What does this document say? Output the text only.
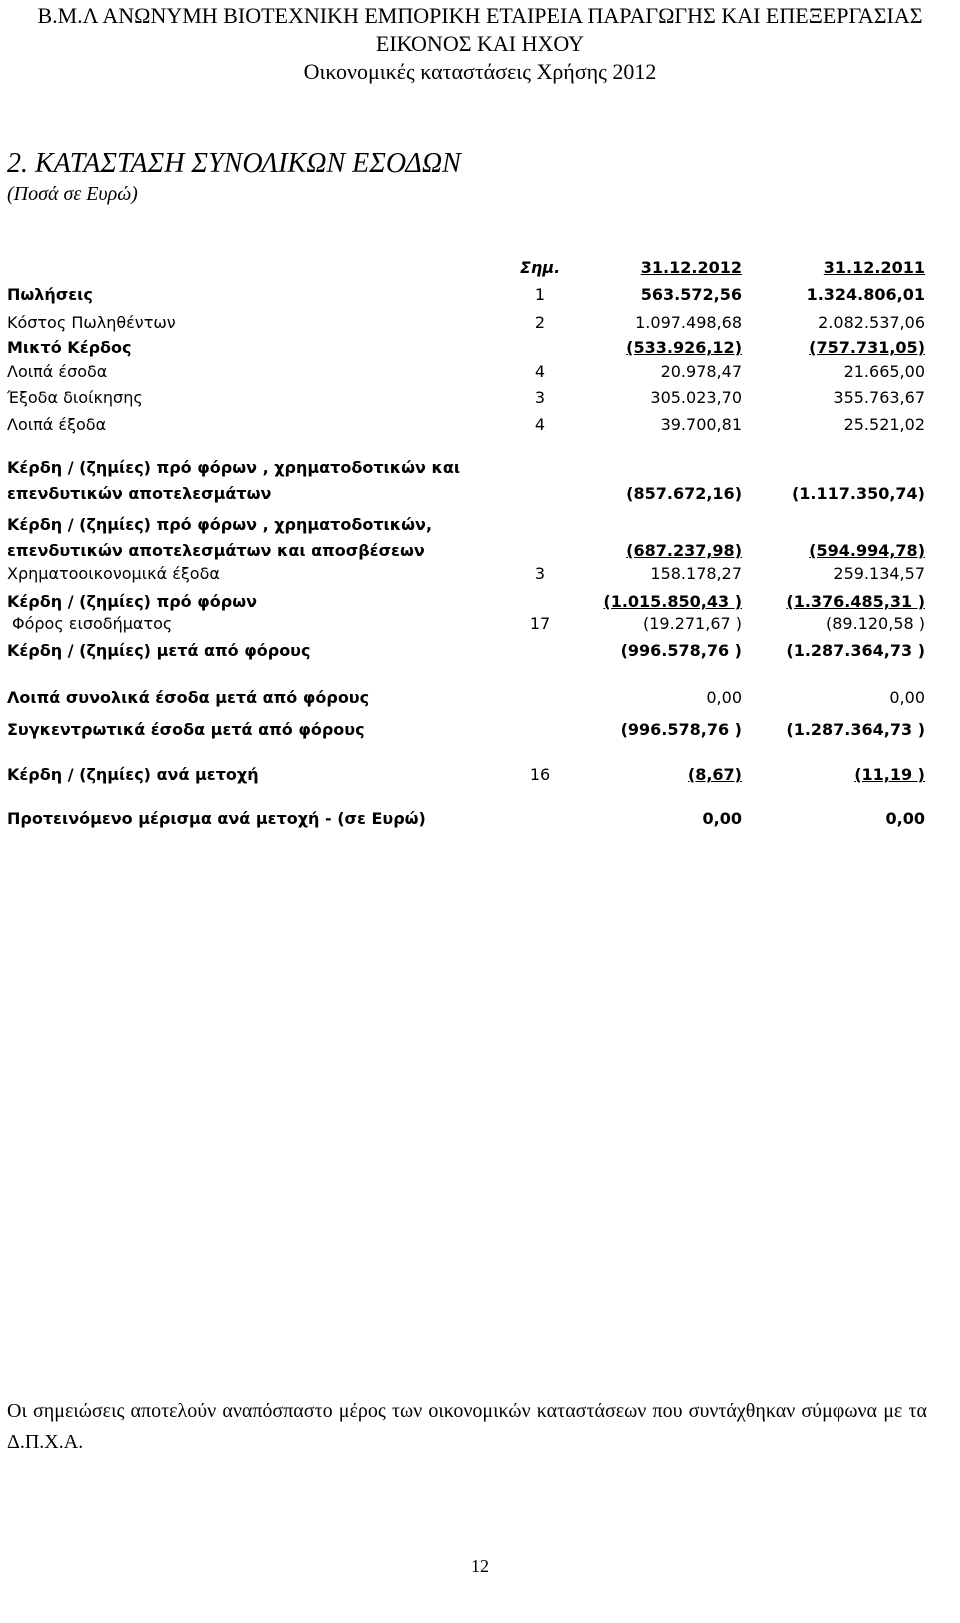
Β.Μ.Λ ΑΝΩΝΥΜΗ ΒΙΟΤΕΧΝΙΚΗ ΕΜΠΟΡΙΚΗ ΕΤΑΙΡΕΙΑ ΠΑΡΑΓΩΓΗΣ ΚΑΙ ΕΠΕΞΕΡΓΑΣΙΑΣ
ΕΙΚΟΝΟΣ ΚΑΙ ΗΧΟΥ
Οικονομικές καταστάσεις Χρήσης 2012
2. ΚΑΤΑΣΤΑΣΗ ΣΥΝΟΛΙΚΩΝ ΕΣΟΔΩΝ
(Ποσά σε Ευρώ)
Σημ.	31.12.2012	31.12.2011
Πωλήσεις	1	563.572,56	1.324.806,01
Κόστος Πωληθέντων	2	1.097.498,68	2.082.537,06
Μικτό Κέρδος	(533.926,12)	(757.731,05)
Λοιπά έσοδα	4	20.978,47	21.665,00
Έξοδα διοίκησης	3	305.023,70	355.763,67
Λοιπά έξοδα	4	39.700,81	25.521,02
Κέρδη / (ζημίες) πρό φόρων , χρηματοδοτικών και
επενδυτικών αποτελεσμάτων	(857.672,16)	(1.117.350,74)
Κέρδη / (ζημίες) πρό φόρων , χρηματοδοτικών,
επενδυτικών αποτελεσμάτων και αποσβέσεων	(687.237,98)	(594.994,78)
Χρηματοοικονομικά έξοδα	3	158.178,27	259.134,57
Κέρδη / (ζημίες) πρό φόρων	(1.015.850,43 )	(1.376.485,31 )
Φόρος εισοδήματος	17	(19.271,67 )	(89.120,58 )
Κέρδη / (ζημίες) μετά από φόρους	(996.578,76 )	(1.287.364,73 )
Λοιπά συνολικά έσοδα μετά από φόρους	0,00	0,00
Συγκεντρωτικά έσοδα μετά από φόρους	(996.578,76 )	(1.287.364,73 )
Κέρδη / (ζημίες) ανά μετοχή	16	(8,67)	(11,19 )
Προτεινόμενο μέρισμα ανά μετοχή - (σε Ευρώ)	0,00	0,00
Οι σημειώσεις αποτελούν αναπόσπαστο μέρος των οικονομικών καταστάσεων που συντάχθηκαν σύμφωνα με τα Δ.Π.Χ.Α.
12
